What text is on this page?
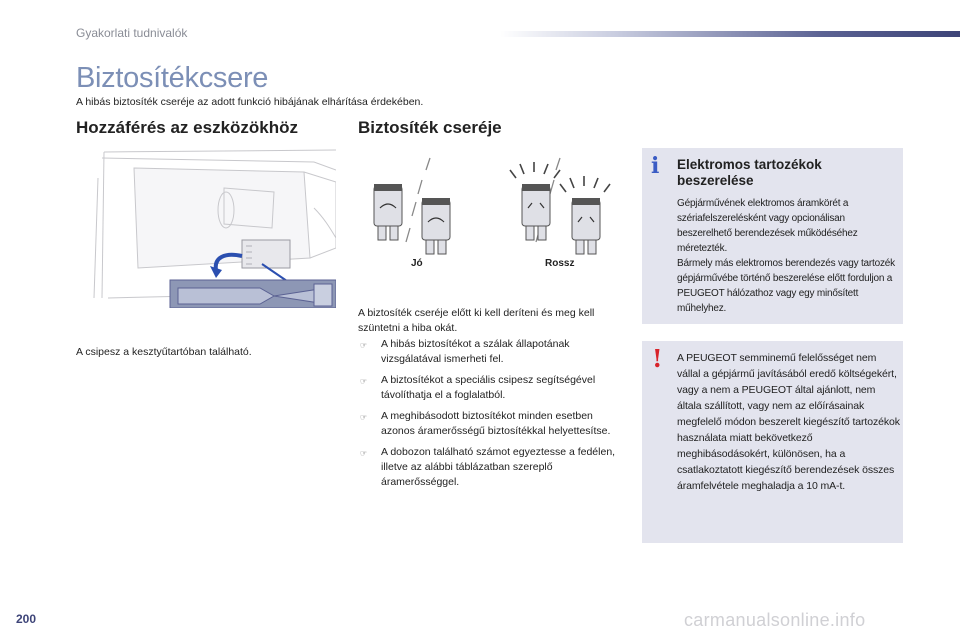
Gyakorlati tudnivalók
Biztosítékcsere
A hibás biztosíték cseréje az adott funkció hibájának elhárítása érdekében.
Hozzáférés az eszközökhöz	Biztosíték cseréje
A csipesz a kesztyűtartóban található.
Jó	Rossz
A biztosíték cseréje előtt ki kell deríteni és meg kell szüntetni a hiba okát.
☞ A hibás biztosítékot a szálak állapotának vizsgálatával ismerheti fel.
☞ A biztosítékot a speciális csipesz segítségével távolíthatja el a foglalatból.
☞ A meghibásodott biztosítékot minden esetben azonos áramerősségű biztosítékkal helyettesítse.
☞ A dobozon található számot egyeztesse a fedélen, illetve az alábbi táblázatban szereplő áramerősséggel.
i Elektromos tartozékok beszerelése
Gépjárművének elektromos áramkörét a szériafelszerelésként vagy opcionálisan beszerelhető berendezések működéséhez méretezték.
Bármely más elektromos berendezés vagy tartozék gépjárművébe történő beszerelése előtt forduljon a PEUGEOT hálózathoz vagy egy minősített műhelyhez.
! A PEUGEOT semminemű felelősséget nem vállal a gépjármű javításából eredő költségekért, vagy a nem a PEUGEOT által ajánlott, nem általa szállított, vagy nem az előírásainak megfelelő módon beszerelt kiegészítő tartozékok használata miatt bekövetkező meghibásodásokért, különösen, ha a csatlakoztatott kiegészítő berendezések összes áramfelvétele meghaladja a 10 mA-t.
200	carmanualsonline.info
